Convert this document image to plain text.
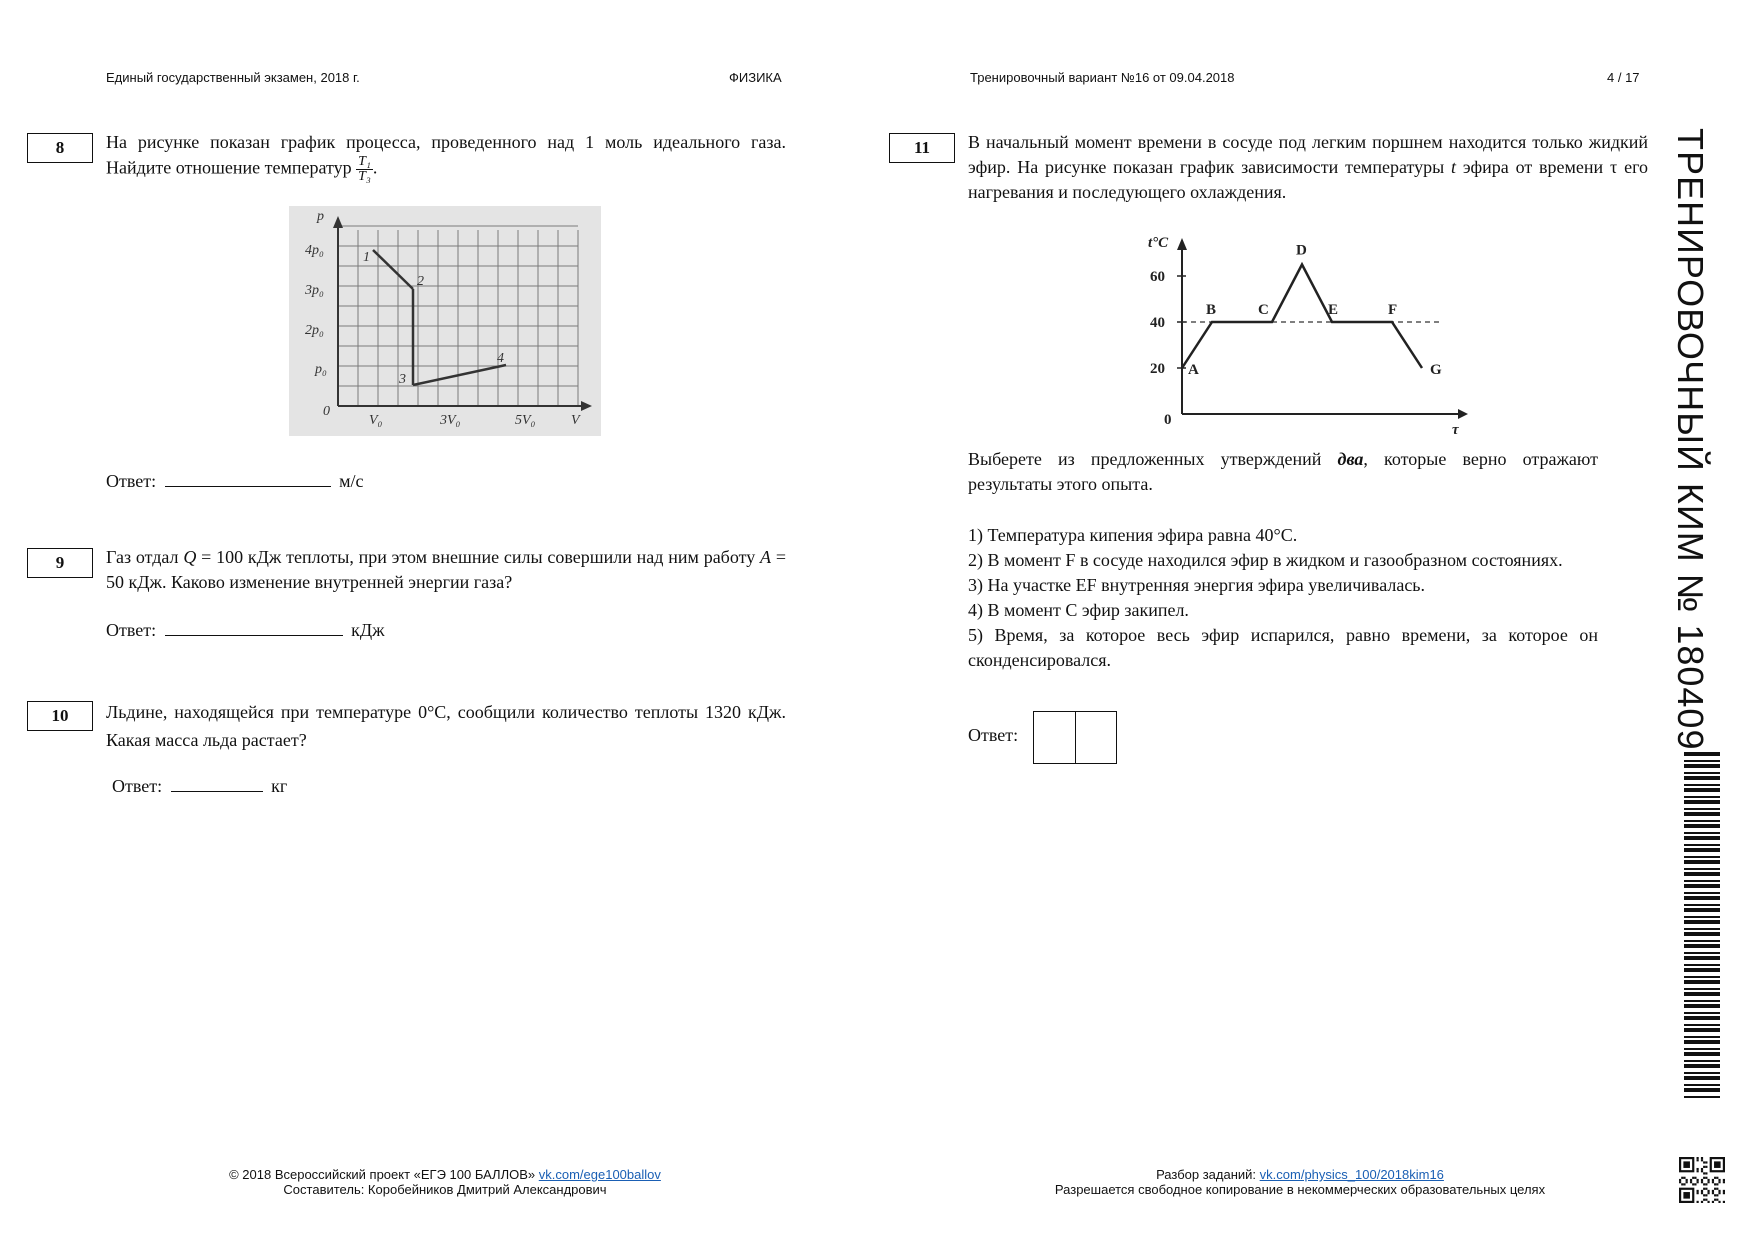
Единый государственный экзамен, 2018 г.	ФИЗИКА	Тренировочный вариант №16 от 09.04.2018	4 / 17
ТРЕНИРОВОЧНЫЙ КИМ № 180409
8	На рисунке показан график процесса, проведенного над 1 моль идеального газа. Найдите отношение температур $\frac{\text{T₁}}{\text{T₃}}$ .
p
V
0
4p₀
3p₀
2p₀
p₀
V₀	3V₀	5V₀
1
2
3
4
Ответ:	м/с
9	Газ отдал Q = 100 кДж теплоты, при этом внешние силы совершили над ним работу A = 50 кДж. Каково изменение внутренней энергии газа?
Ответ:	кДж
10	Льдине, находящейся при температуре 0°C, сообщили количество теплоты 1320 кДж. Какая масса льда растает?
Ответ:	кг
11	В начальный момент времени в сосуде под легким поршнем находится только жидкий эфир. На рисунке показан график зависимости температуры t эфира от времени τ его нагревания и последующего охлаждения.
t°C
τ
0
20
40
60
A
B	C
D
E	F
G
Выберете из предложенных утверждений два, которые верно отражают результаты этого опыта.

1) Температура кипения эфира равна 40°C.

2) В момент F в сосуде находился эфир в жидком и газообразном состояниях.

3) На участке EF внутренняя энергия эфира увеличивалась.

4) В момент С эфир закипел.

5) Время, за которое весь эфир испарился, равно времени, за которое он сконденсировался.

Ответ:
© 2018 Всероссийский проект «ЕГЭ 100 БАЛЛОВ» vk.com/ege100ballov
Составитель: Коробейников Дмитрий Александрович
Разбор заданий: vk.com/physics_100/2018kim16
Разрешается свободное копирование в некоммерческих образовательных целях
